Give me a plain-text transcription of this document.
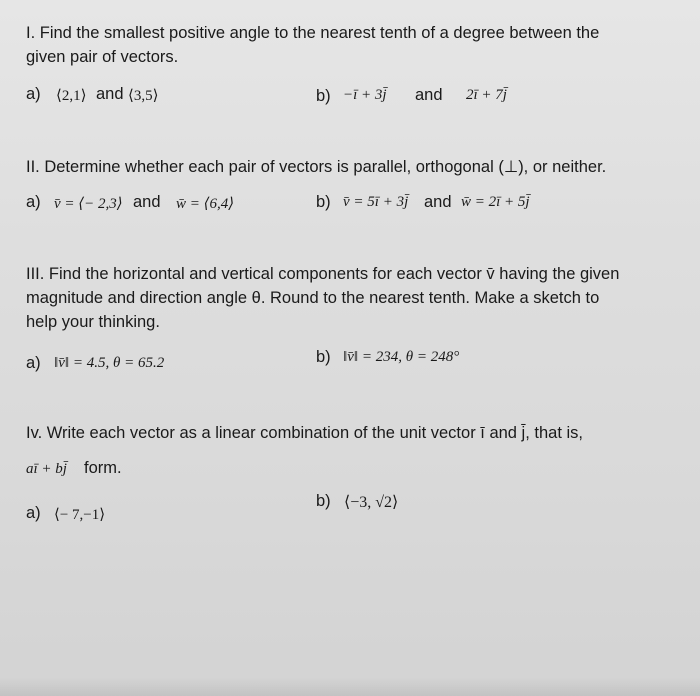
I. Find the smallest positive angle to the nearest tenth of a degree between the
given pair of vectors.
a) ⟨2,1⟩ and ⟨3,5⟩	b) −ī + 3j̄ and 2ī + 7j̄
II. Determine whether each pair of vectors is parallel, orthogonal (⊥), or neither.
a) v̄ = ⟨− 2,3⟩ and w̄ = ⟨6,4⟩	b) v̄ = 5ī + 3j̄ and w̄ = 2ī + 5j̄
III. Find the horizontal and vertical components for each vector v̄ having the given
magnitude and direction angle θ. Round to the nearest tenth. Make a sketch to
help your thinking.
a) ‖v̄‖ = 4.5, θ = 65.2	b) ‖v̄‖ = 234, θ = 248°
Iv. Write each vector as a linear combination of the unit vector ī and j̄, that is,
aī + bj̄ form.
a) ⟨− 7,−1⟩
b) ⟨−3, √2⟩
